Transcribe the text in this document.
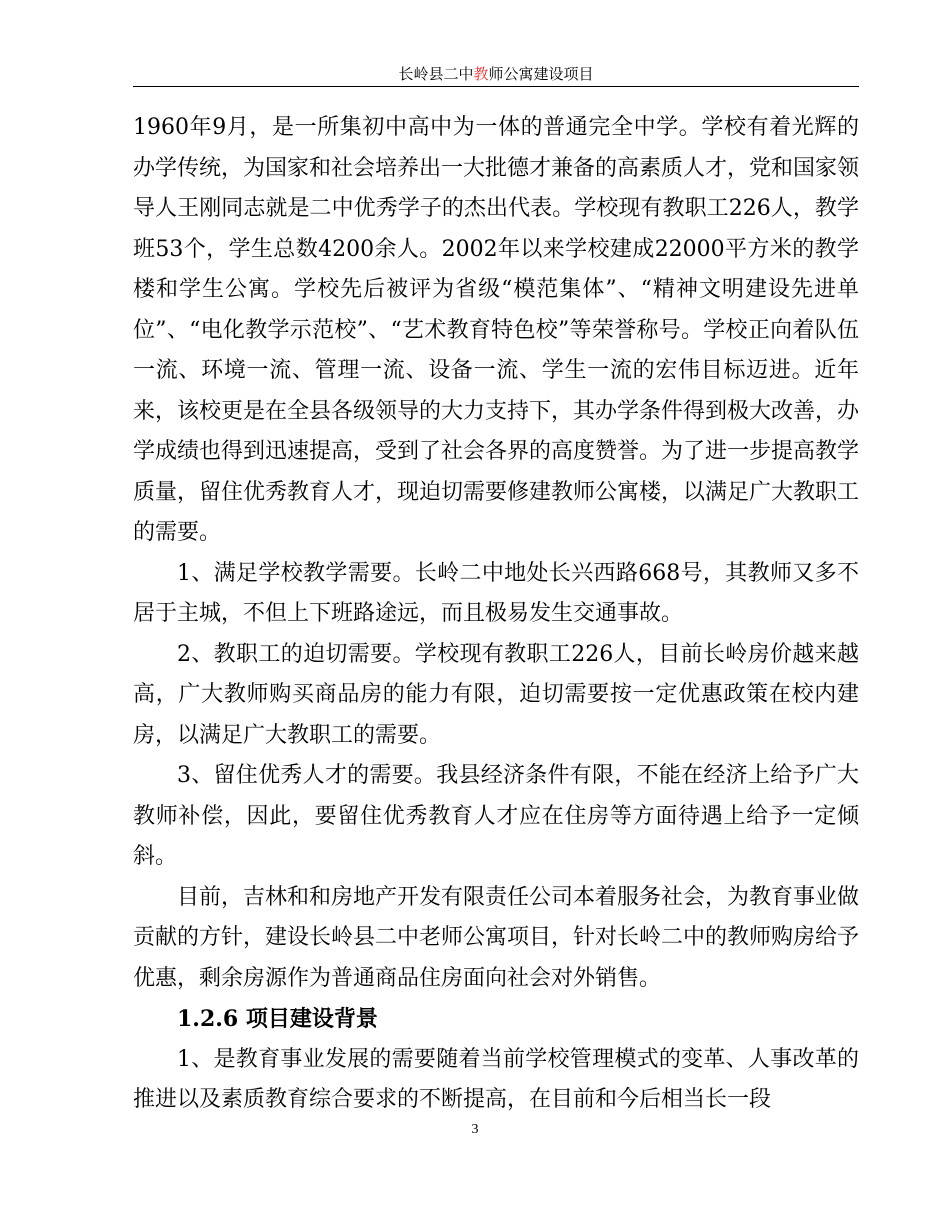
长岭县二中教师公寓建设项目

1960年9月，是一所集初中高中为一体的普通完全中学。学校有着光辉的办学传统，为国家和社会培养出一大批德才兼备的高素质人才，党和国家领导人王刚同志就是二中优秀学子的杰出代表。学校现有教职工226人，教学班53个，学生总数4200余人。2002年以来学校建成22000平方米的教学楼和学生公寓。学校先后被评为省级“模范集体”、“精神文明建设先进单位”、“电化教学示范校”、“艺术教育特色校”等荣誉称号。学校正向着队伍一流、环境一流、管理一流、设备一流、学生一流的宏伟目标迈进。近年来，该校更是在全县各级领导的大力支持下，其办学条件得到极大改善，办学成绩也得到迅速提高，受到了社会各界的高度赞誉。为了进一步提高教学质量，留住优秀教育人才，现迫切需要修建教师公寓楼，以满足广大教职工的需要。

1、满足学校教学需要。长岭二中地处长兴西路668号，其教师又多不居于主城，不但上下班路途远，而且极易发生交通事故。

2、教职工的迫切需要。学校现有教职工226人，目前长岭房价越来越高，广大教师购买商品房的能力有限，迫切需要按一定优惠政策在校内建房，以满足广大教职工的需要。

3、留住优秀人才的需要。我县经济条件有限，不能在经济上给予广大教师补偿，因此，要留住优秀教育人才应在住房等方面待遇上给予一定倾斜。

目前，吉林和和房地产开发有限责任公司本着服务社会，为教育事业做贡献的方针，建设长岭县二中老师公寓项目，针对长岭二中的教师购房给予优惠，剩余房源作为普通商品住房面向社会对外销售。

1.2.6 项目建设背景

1、是教育事业发展的需要随着当前学校管理模式的变革、人事改革的推进以及素质教育综合要求的不断提高，在目前和今后相当长一段

3
